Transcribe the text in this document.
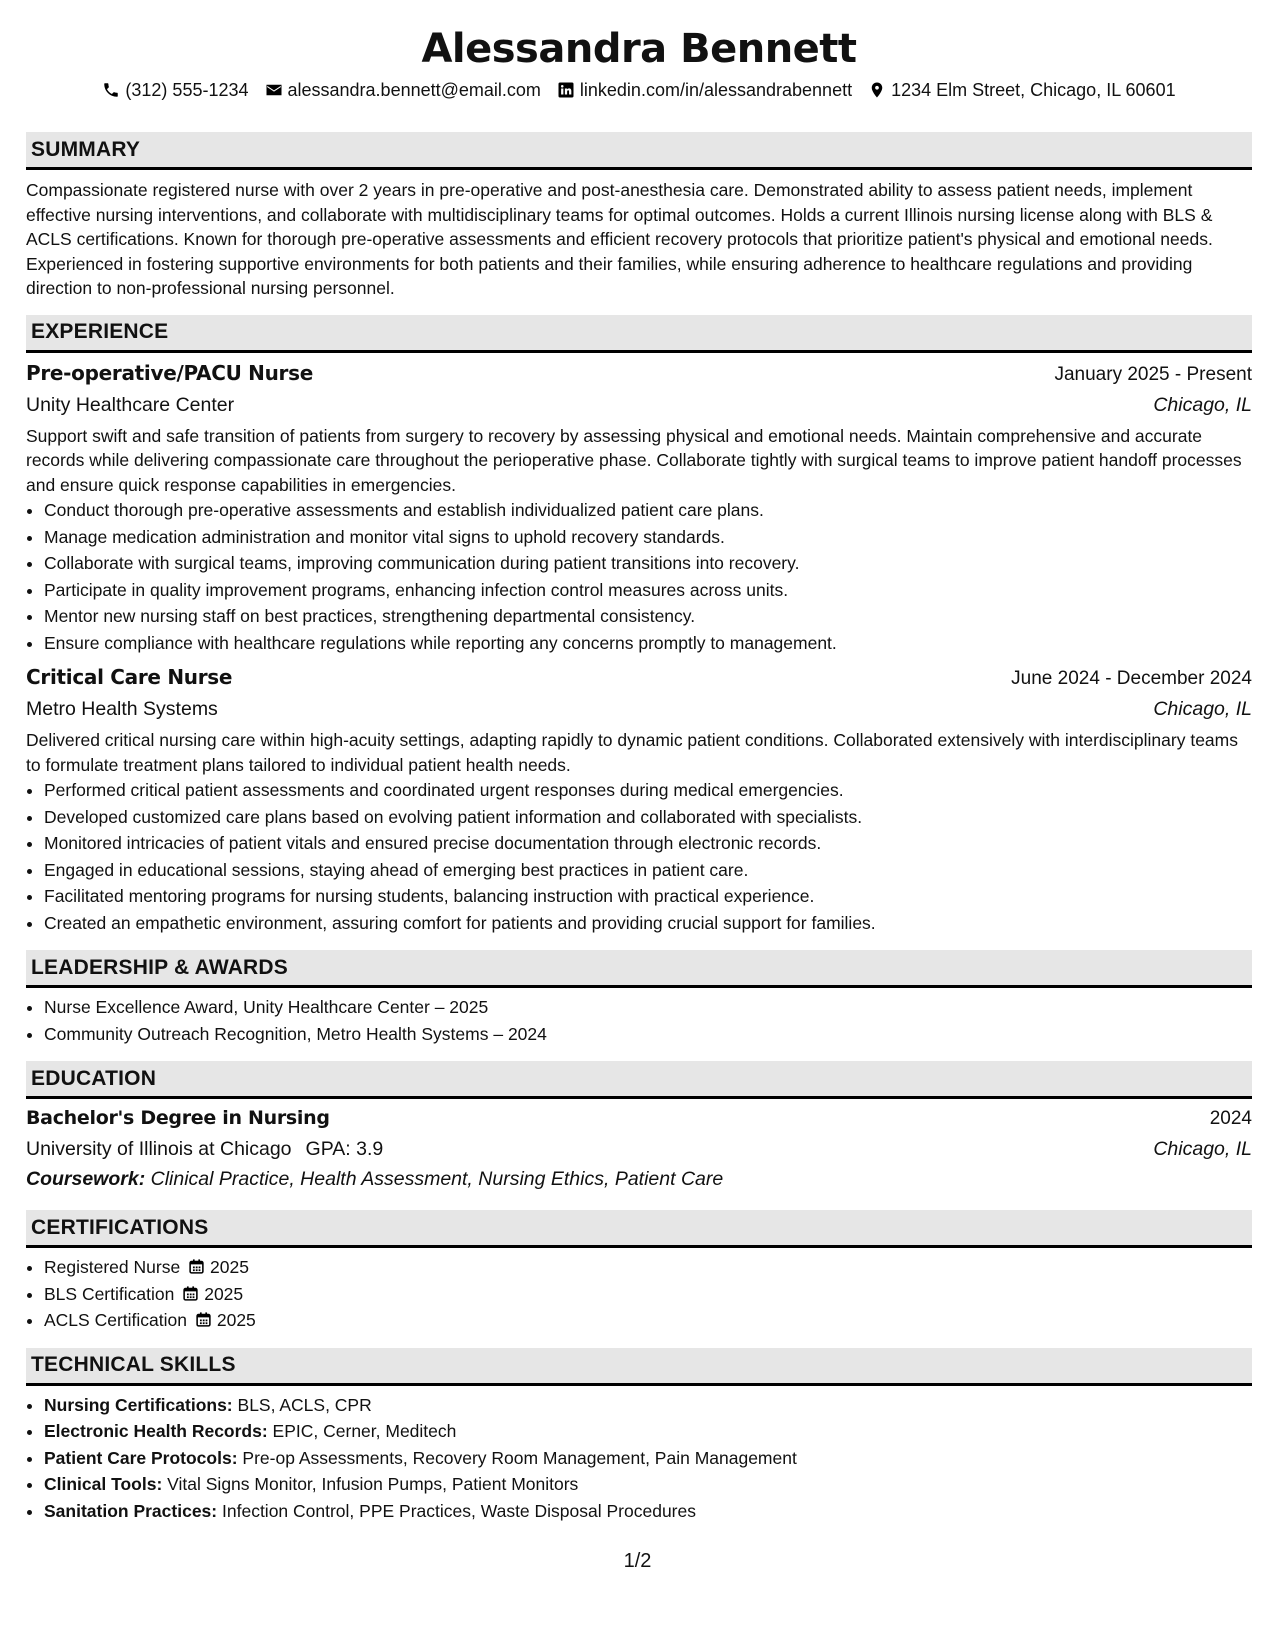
Alessandra Bennett
(312) 555-1234 alessandra.bennett@email.com linkedin.com/in/alessandrabennett 1234 Elm Street, Chicago, IL 60601
SUMMARY

Compassionate registered nurse with over 2 years in pre-operative and post-anesthesia care. Demonstrated ability to assess patient needs, implement effective nursing interventions, and collaborate with multidisciplinary teams for optimal outcomes. Holds a current Illinois nursing license along with BLS & ACLS certifications. Known for thorough pre-operative assessments and efficient recovery protocols that prioritize patient's physical and emotional needs. Experienced in fostering supportive environments for both patients and their families, while ensuring adherence to healthcare regulations and providing direction to non-professional nursing personnel.

EXPERIENCE
Pre-operative/PACU Nurse	January 2025 - Present
Unity Healthcare Center	Chicago, IL

Support swift and safe transition of patients from surgery to recovery by assessing physical and emotional needs. Maintain comprehensive and accurate records while delivering compassionate care throughout the perioperative phase. Collaborate tightly with surgical teams to improve patient handoff processes and ensure quick response capabilities in emergencies.

• Conduct thorough pre-operative assessments and establish individualized patient care plans.
• Manage medication administration and monitor vital signs to uphold recovery standards.
• Collaborate with surgical teams, improving communication during patient transitions into recovery.
• Participate in quality improvement programs, enhancing infection control measures across units.
• Mentor new nursing staff on best practices, strengthening departmental consistency.
• Ensure compliance with healthcare regulations while reporting any concerns promptly to management.
Critical Care Nurse	June 2024 - December 2024
Metro Health Systems	Chicago, IL

Delivered critical nursing care within high-acuity settings, adapting rapidly to dynamic patient conditions. Collaborated extensively with interdisciplinary teams to formulate treatment plans tailored to individual patient health needs.

• Performed critical patient assessments and coordinated urgent responses during medical emergencies.
• Developed customized care plans based on evolving patient information and collaborated with specialists.
• Monitored intricacies of patient vitals and ensured precise documentation through electronic records.
• Engaged in educational sessions, staying ahead of emerging best practices in patient care.
• Facilitated mentoring programs for nursing students, balancing instruction with practical experience.
• Created an empathetic environment, assuring comfort for patients and providing crucial support for families.
LEADERSHIP & AWARDS
• Nurse Excellence Award, Unity Healthcare Center – 2025
• Community Outreach Recognition, Metro Health Systems – 2024
EDUCATION
Bachelor's Degree in Nursing	2024
University of Illinois at Chicago GPA: 3.9	Chicago, IL
Coursework: Clinical Practice, Health Assessment, Nursing Ethics, Patient Care
CERTIFICATIONS
• Registered Nurse 2025
• BLS Certification 2025
• ACLS Certification 2025
TECHNICAL SKILLS
• Nursing Certifications: BLS, ACLS, CPR
• Electronic Health Records: EPIC, Cerner, Meditech
• Patient Care Protocols: Pre-op Assessments, Recovery Room Management, Pain Management
• Clinical Tools: Vital Signs Monitor, Infusion Pumps, Patient Monitors
• Sanitation Practices: Infection Control, PPE Practices, Waste Disposal Procedures
1/2
